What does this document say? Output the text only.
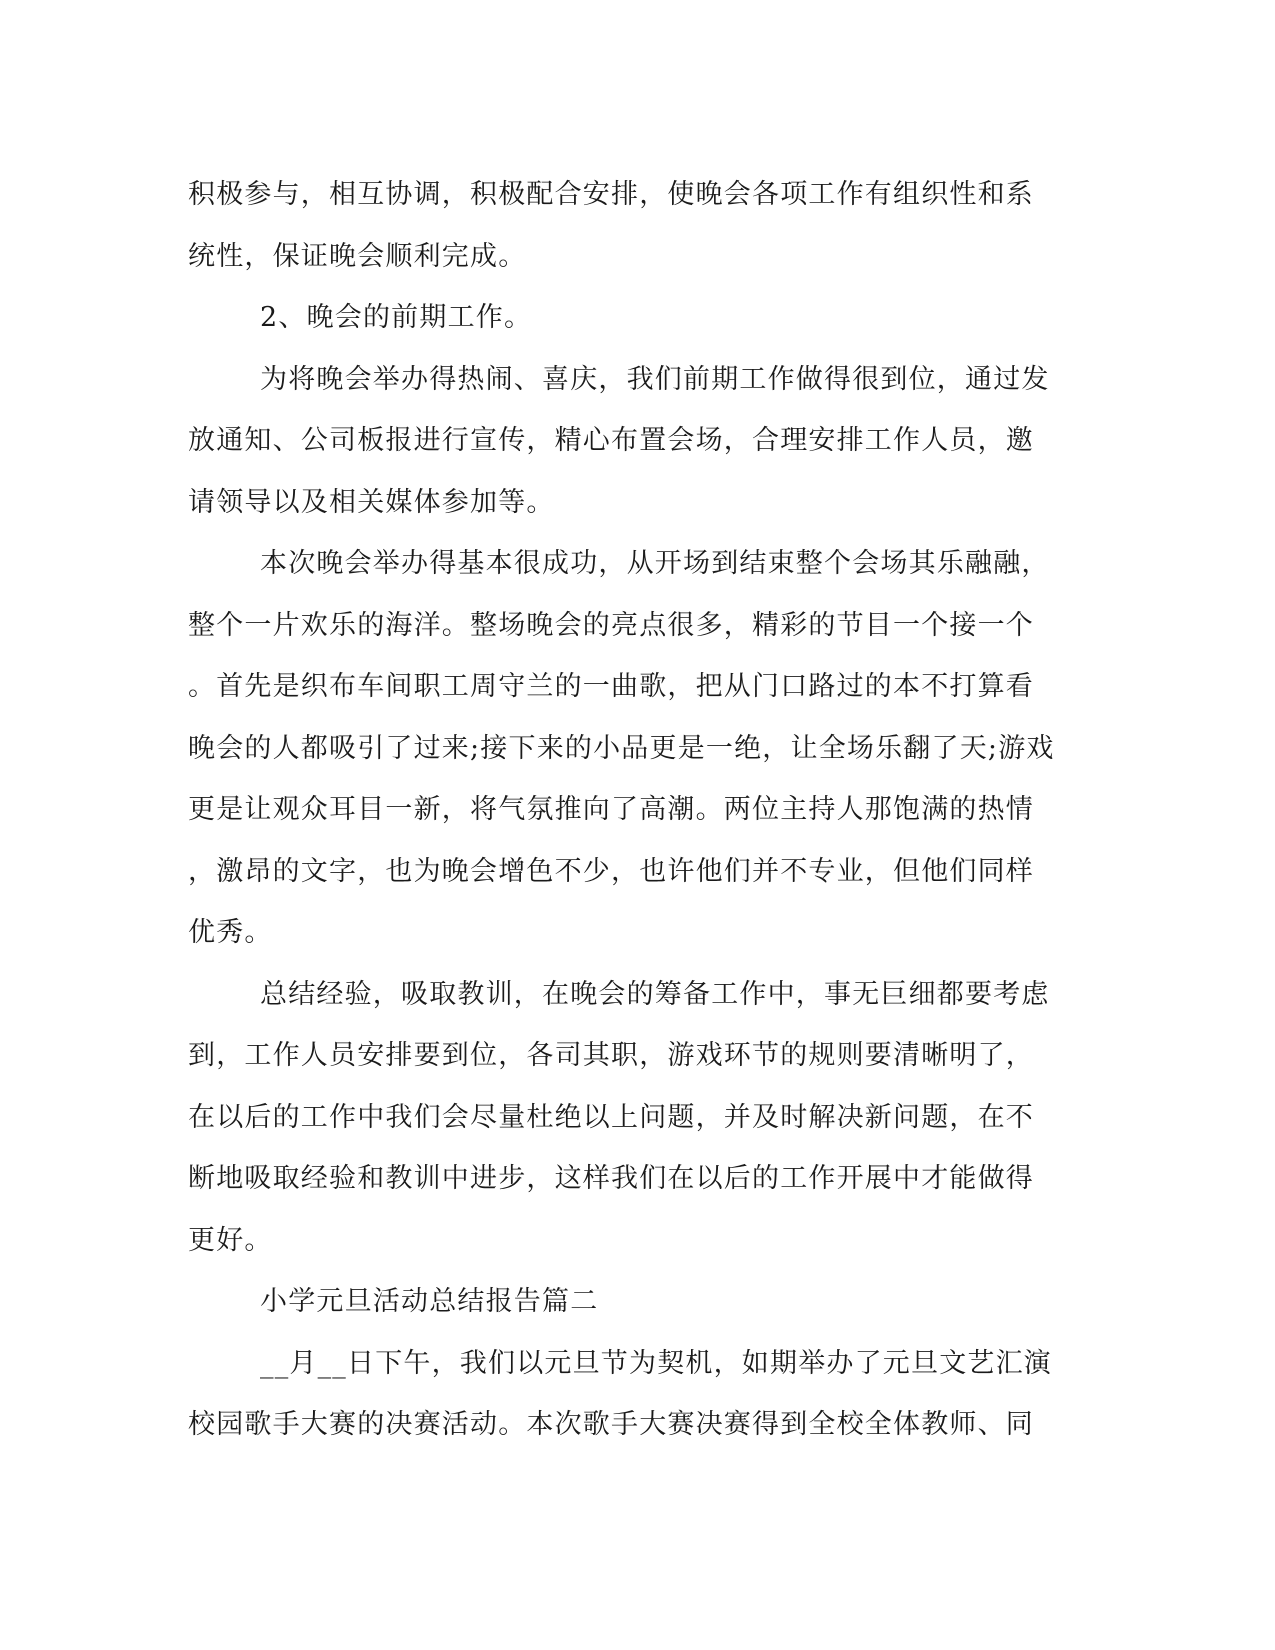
积极参与，相互协调，积极配合安排，使晚会各项工作有组织性和系
统性，保证晚会顺利完成。
2、晚会的前期工作。
为将晚会举办得热闹、喜庆，我们前期工作做得很到位，通过发
放通知、公司板报进行宣传，精心布置会场，合理安排工作人员，邀
请领导以及相关媒体参加等。
本次晚会举办得基本很成功，从开场到结束整个会场其乐融融，
整个一片欢乐的海洋。整场晚会的亮点很多，精彩的节目一个接一个
。首先是织布车间职工周守兰的一曲歌，把从门口路过的本不打算看
晚会的人都吸引了过来;接下来的小品更是一绝，让全场乐翻了天;游戏
更是让观众耳目一新，将气氛推向了高潮。两位主持人那饱满的热情
，激昂的文字，也为晚会增色不少，也许他们并不专业，但他们同样
优秀。
总结经验，吸取教训，在晚会的筹备工作中，事无巨细都要考虑
到，工作人员安排要到位，各司其职，游戏环节的规则要清晰明了，
在以后的工作中我们会尽量杜绝以上问题，并及时解决新问题，在不
断地吸取经验和教训中进步，这样我们在以后的工作开展中才能做得
更好。
小学元旦活动总结报告篇二
__月__日下午，我们以元旦节为契机，如期举办了元旦文艺汇演
校园歌手大赛的决赛活动。本次歌手大赛决赛得到全校全体教师、同
